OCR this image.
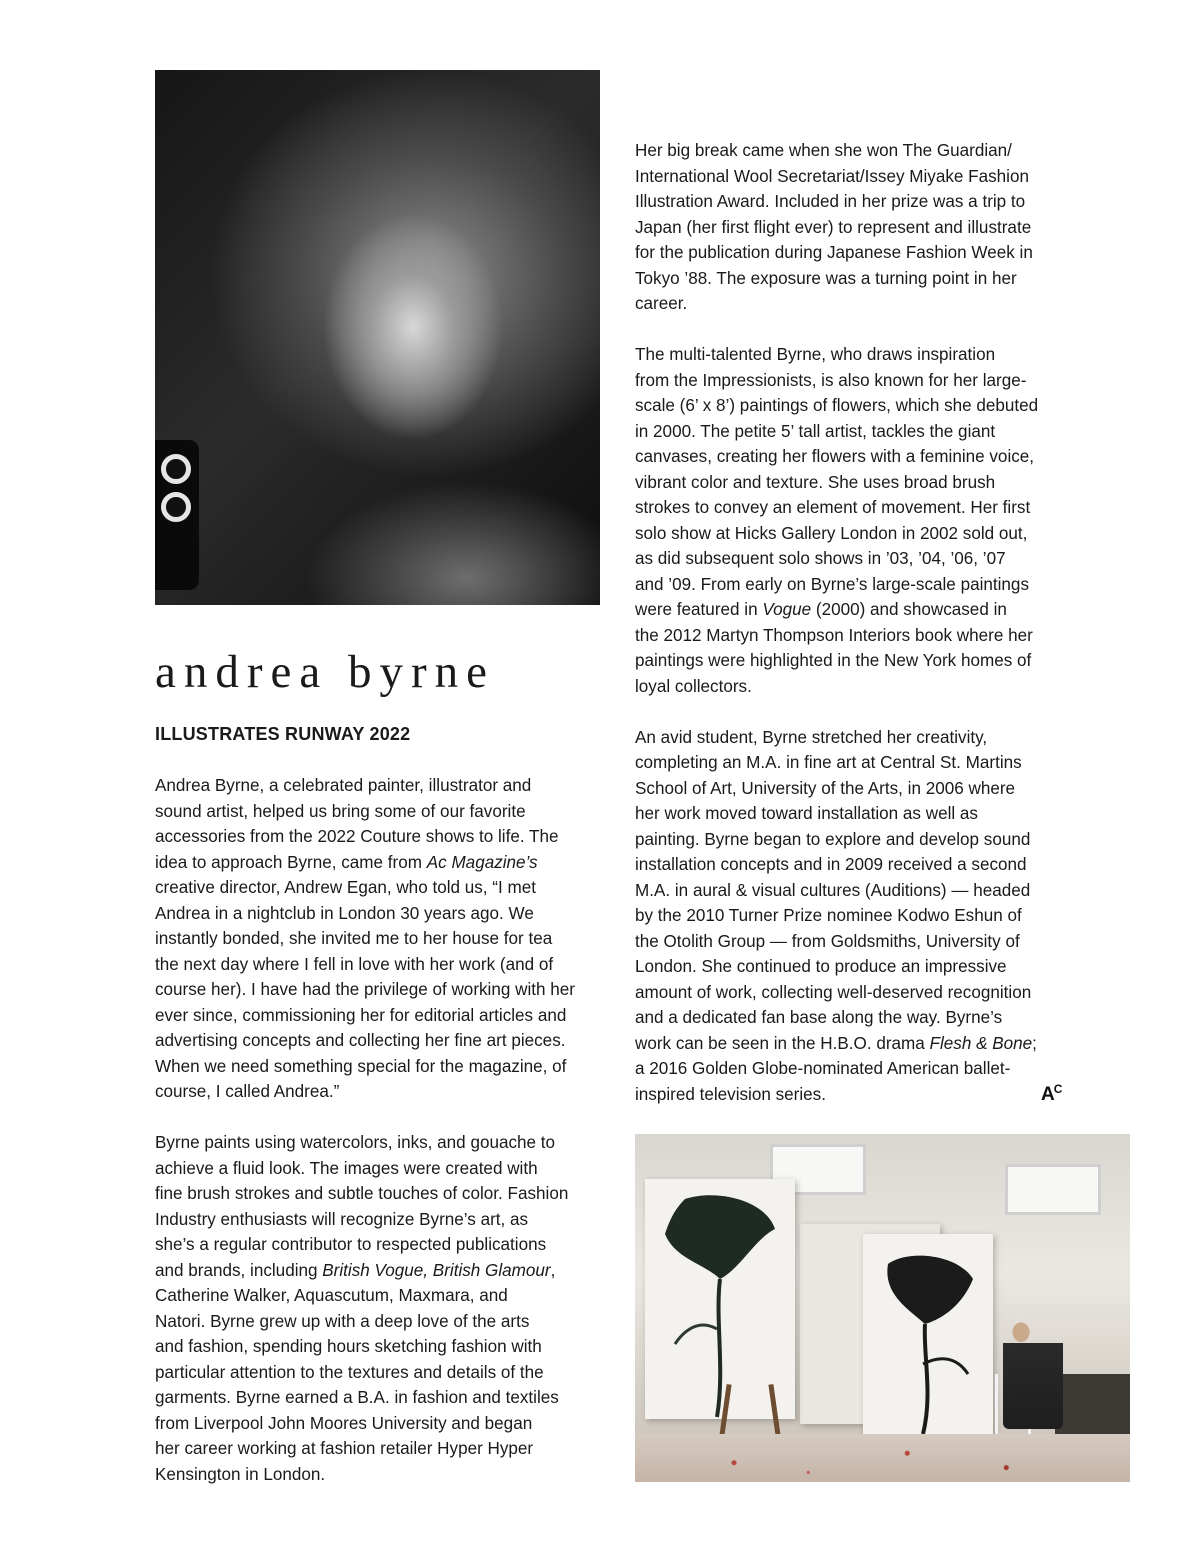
andrea byrne
ILLUSTRATES RUNWAY 2022

Andrea Byrne, a celebrated painter, illustrator and
sound artist, helped us bring some of our favorite
accessories from the 2022 Couture shows to life. The
idea to approach Byrne, came from Ac Magazine’s
creative director, Andrew Egan, who told us, “I met
Andrea in a nightclub in London 30 years ago. We
instantly bonded, she invited me to her house for tea
the next day where I fell in love with her work (and of
course her). I have had the privilege of working with her
ever since, commissioning her for editorial articles and
advertising concepts and collecting her fine art pieces.
When we need something special for the magazine, of
course, I called Andrea.”

Byrne paints using watercolors, inks, and gouache to
achieve a fluid look. The images were created with
fine brush strokes and subtle touches of color. Fashion
Industry enthusiasts will recognize Byrne’s art, as
she’s a regular contributor to respected publications
and brands, including British Vogue, British Glamour,
Catherine Walker, Aquascutum, Maxmara, and
Natori. Byrne grew up with a deep love of the arts
and fashion, spending hours sketching fashion with
particular attention to the textures and details of the
garments. Byrne earned a B.A. in fashion and textiles
from Liverpool John Moores University and began
her career working at fashion retailer Hyper Hyper
Kensington in London.

Her big break came when she won The Guardian/
International Wool Secretariat/Issey Miyake Fashion
Illustration Award. Included in her prize was a trip to
Japan (her first flight ever) to represent and illustrate
for the publication during Japanese Fashion Week in
Tokyo ’88. The exposure was a turning point in her
career.

The multi-talented Byrne, who draws inspiration
from the Impressionists, is also known for her large-
scale (6’ x 8’) paintings of flowers, which she debuted
in 2000. The petite 5’ tall artist, tackles the giant
canvases, creating her flowers with a feminine voice,
vibrant color and texture. She uses broad brush
strokes to convey an element of movement. Her first
solo show at Hicks Gallery London in 2002 sold out,
as did subsequent solo shows in ’03, ’04, ’06, ’07
and ’09. From early on Byrne’s large-scale paintings
were featured in Vogue (2000) and showcased in
the 2012 Martyn Thompson Interiors book where her
paintings were highlighted in the New York homes of
loyal collectors.

An avid student, Byrne stretched her creativity,
completing an M.A. in fine art at Central St. Martins
School of Art, University of the Arts, in 2006 where
her work moved toward installation as well as
painting. Byrne began to explore and develop sound
installation concepts and in 2009 received a second
M.A. in aural & visual cultures (Auditions) — headed
by the 2010 Turner Prize nominee Kodwo Eshun of
the Otolith Group — from Goldsmiths, University of
London. She continued to produce an impressive
amount of work, collecting well-deserved recognition
and a dedicated fan base along the way. Byrne’s
work can be seen in the H.B.O. drama Flesh & Bone;
a 2016 Golden Globe-nominated American ballet-
inspired television series.	$A^C$
